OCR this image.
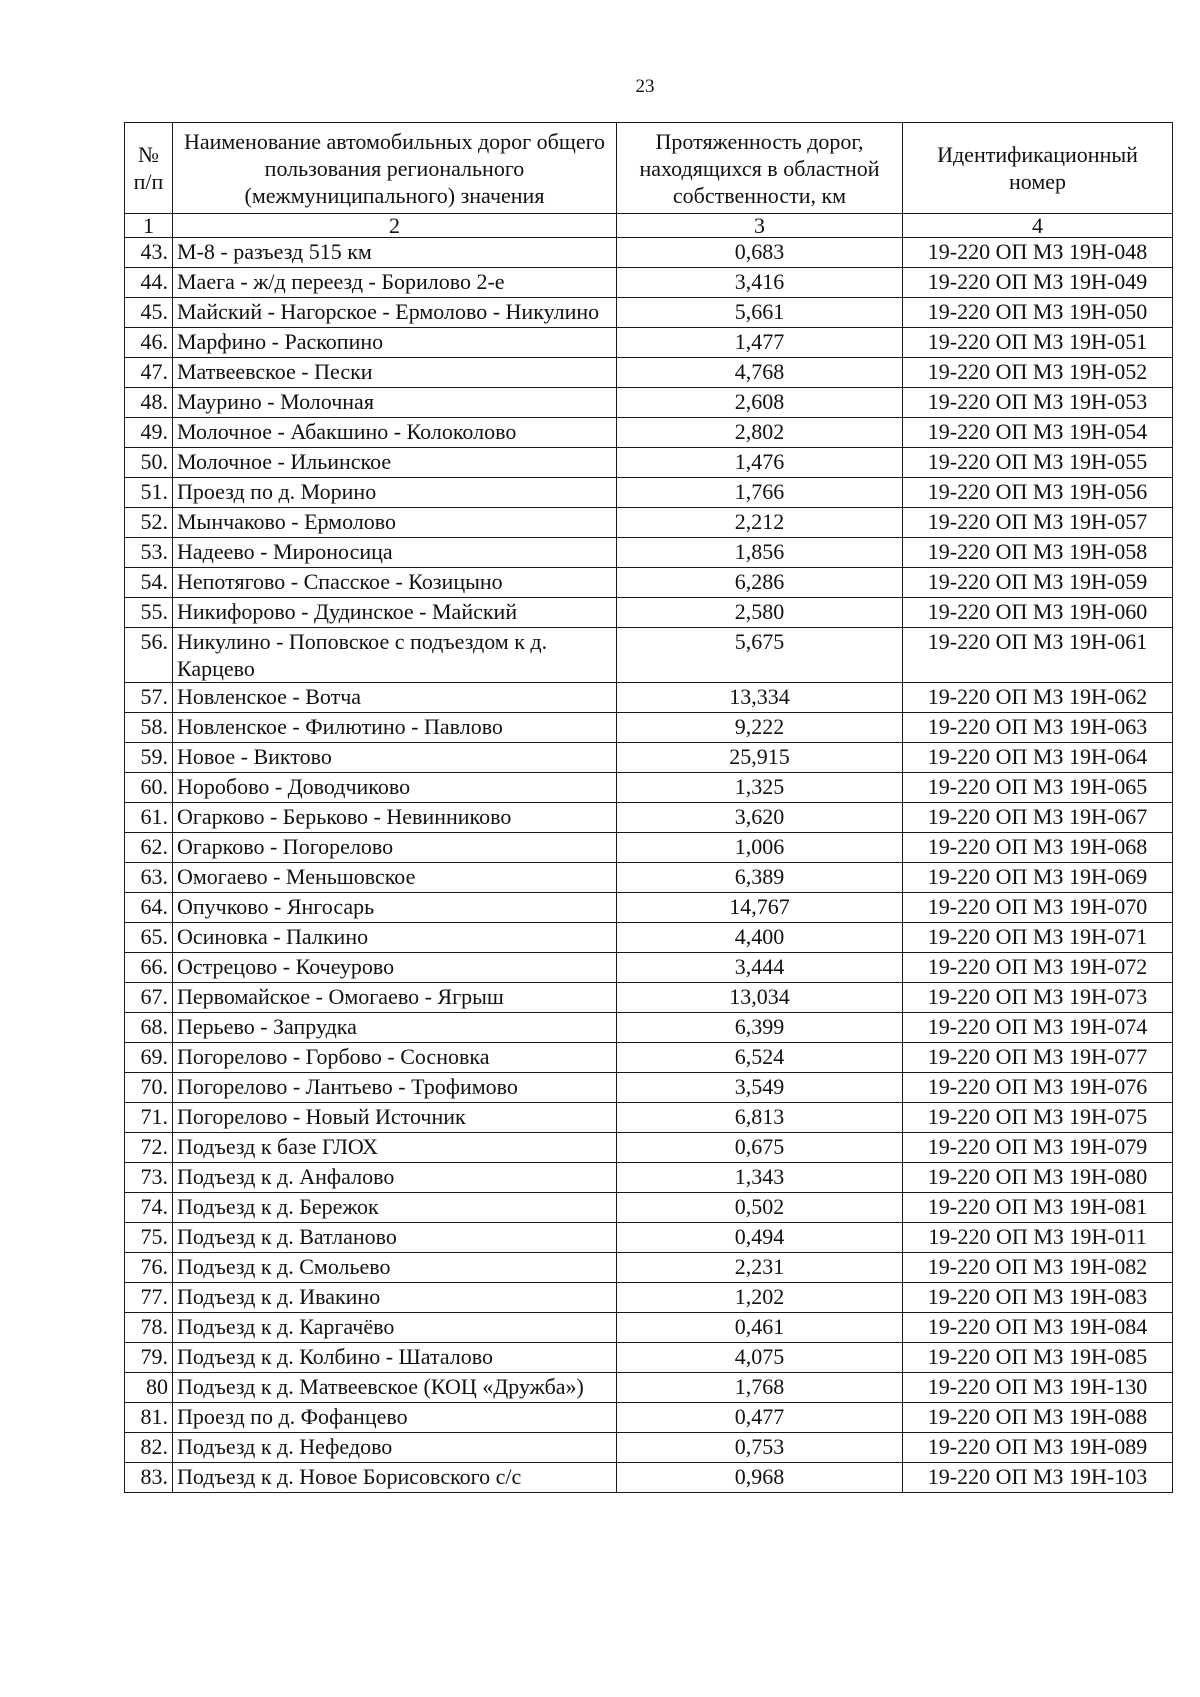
23
№ п/п	Наименование автомобильных дорог общего пользования регионального (межмуниципального) значения	Протяженность дорог, находящихся в областной собственности, км	Идентификационный номер
1	2	3	4
43.	М-8 - разъезд 515 км	0,683	19-220 ОП МЗ 19Н-048
44.	Маега - ж/д переезд - Борилово 2-е	3,416	19-220 ОП МЗ 19Н-049
45.	Майский - Нагорское - Ермолово - Никулино	5,661	19-220 ОП МЗ 19Н-050
46.	Марфино - Раскопино	1,477	19-220 ОП МЗ 19Н-051
47.	Матвеевское - Пески	4,768	19-220 ОП МЗ 19Н-052
48.	Маурино - Молочная	2,608	19-220 ОП МЗ 19Н-053
49.	Молочное - Абакшино - Колоколово	2,802	19-220 ОП МЗ 19Н-054
50.	Молочное - Ильинское	1,476	19-220 ОП МЗ 19Н-055
51.	Проезд по д. Морино	1,766	19-220 ОП МЗ 19Н-056
52.	Мынчаково - Ермолово	2,212	19-220 ОП МЗ 19Н-057
53.	Надеево - Мироносица	1,856	19-220 ОП МЗ 19Н-058
54.	Непотягово - Спасское - Козицыно	6,286	19-220 ОП МЗ 19Н-059
55.	Никифорово - Дудинское - Майский	2,580	19-220 ОП МЗ 19Н-060
56.	Никулино - Поповское с подъездом к д. Карцево	5,675	19-220 ОП МЗ 19Н-061
57.	Новленское - Вотча	13,334	19-220 ОП МЗ 19Н-062
58.	Новленское - Филютино - Павлово	9,222	19-220 ОП МЗ 19Н-063
59.	Новое - Виктово	25,915	19-220 ОП МЗ 19Н-064
60.	Норобово - Доводчиково	1,325	19-220 ОП МЗ 19Н-065
61.	Огарково - Берьково - Невинниково	3,620	19-220 ОП МЗ 19Н-067
62.	Огарково - Погорелово	1,006	19-220 ОП МЗ 19Н-068
63.	Омогаево - Меньшовское	6,389	19-220 ОП МЗ 19Н-069
64.	Опучково - Янгосарь	14,767	19-220 ОП МЗ 19Н-070
65.	Осиновка - Палкино	4,400	19-220 ОП МЗ 19Н-071
66.	Острецово - Кочеурово	3,444	19-220 ОП МЗ 19Н-072
67.	Первомайское - Омогаево - Ягрыш	13,034	19-220 ОП МЗ 19Н-073
68.	Перьево - Запрудка	6,399	19-220 ОП МЗ 19Н-074
69.	Погорелово - Горбово - Сосновка	6,524	19-220 ОП МЗ 19Н-077
70.	Погорелово - Лантьево - Трофимово	3,549	19-220 ОП МЗ 19Н-076
71.	Погорелово - Новый Источник	6,813	19-220 ОП МЗ 19Н-075
72.	Подъезд к базе ГЛОХ	0,675	19-220 ОП МЗ 19Н-079
73.	Подъезд к д. Анфалово	1,343	19-220 ОП МЗ 19Н-080
74.	Подъезд к д. Бережок	0,502	19-220 ОП МЗ 19Н-081
75.	Подъезд к д. Ватланово	0,494	19-220 ОП МЗ 19Н-011
76.	Подъезд к д. Смольево	2,231	19-220 ОП МЗ 19Н-082
77.	Подъезд к д. Ивакино	1,202	19-220 ОП МЗ 19Н-083
78.	Подъезд к д. Каргачёво	0,461	19-220 ОП МЗ 19Н-084
79.	Подъезд к д. Колбино - Шаталово	4,075	19-220 ОП МЗ 19Н-085
80	Подъезд к д. Матвеевское (КОЦ «Дружба»)	1,768	19-220 ОП МЗ 19Н-130
81.	Проезд по д. Фофанцево	0,477	19-220 ОП МЗ 19Н-088
82.	Подъезд к д. Нефедово	0,753	19-220 ОП МЗ 19Н-089
83.	Подъезд к д. Новое Борисовского с/с	0,968	19-220 ОП МЗ 19Н-103
